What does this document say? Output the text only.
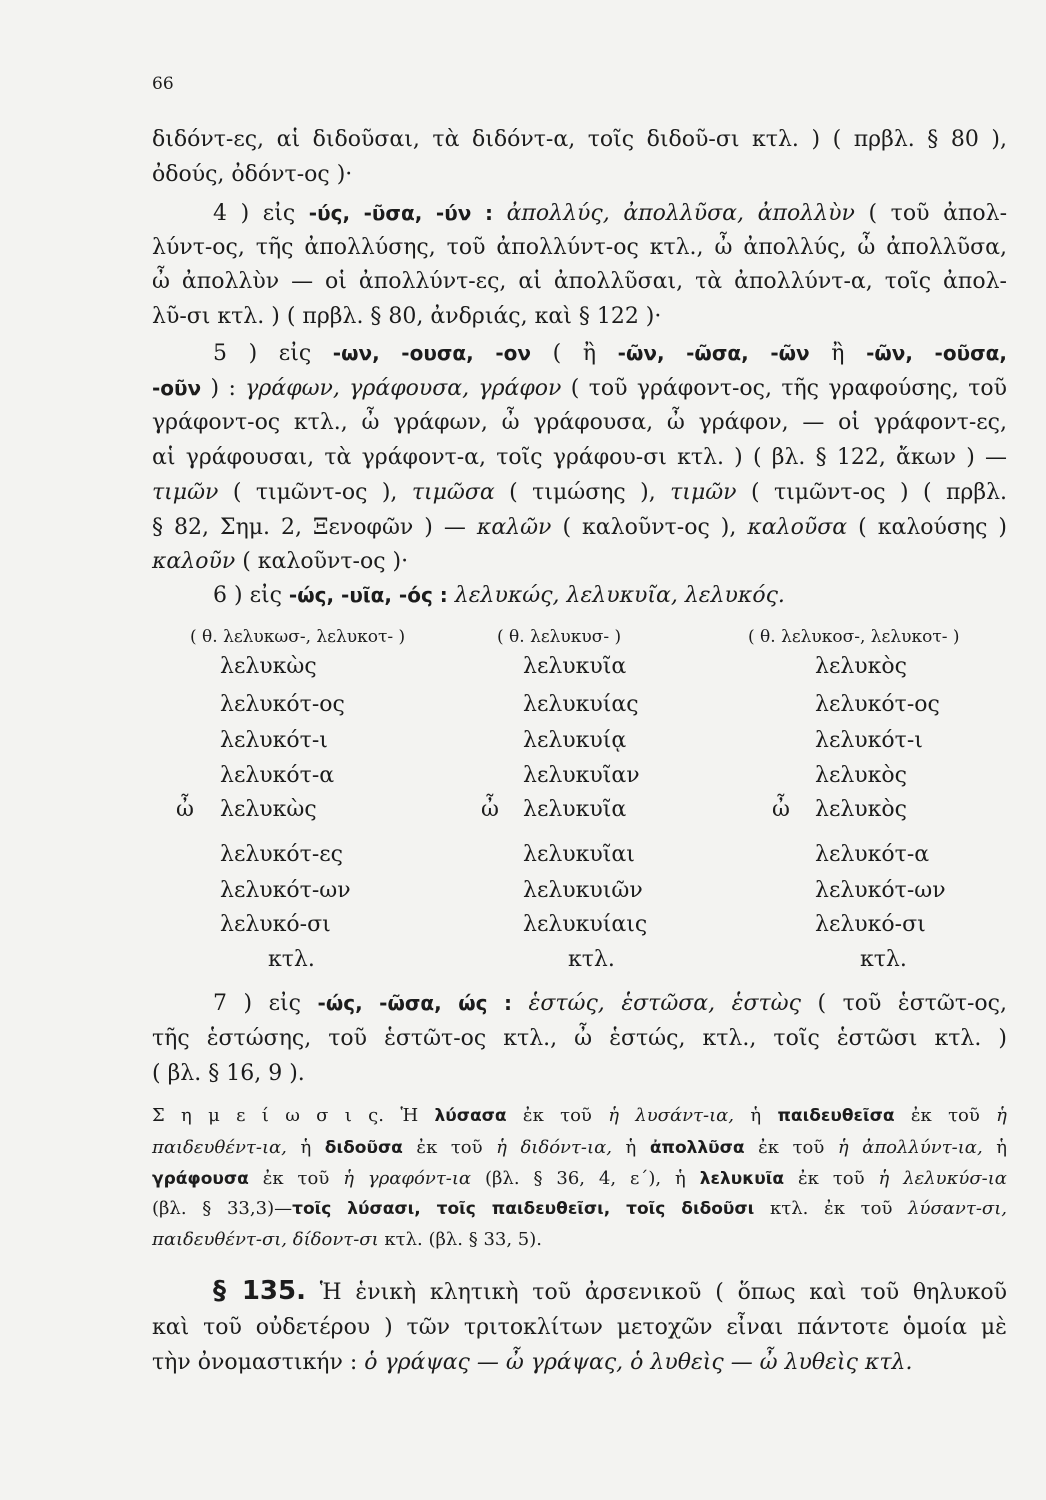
66
διδόντ-ες, αἱ διδοῦσαι, τὰ διδόντ-α, τοῖς διδοῦ-σι κτλ. ) ( πρβλ. § 80 ),
ὀδούς, ὀδόντ-ος )·
4 ) εἰς -ύς, -ῦσα, -ύν : ἀπολλύς, ἀπολλῦσα, ἀπολλὺν ( τοῦ ἀπολ-
λύντ-ος, τῆς ἀπολλύσης, τοῦ ἀπολλύντ-ος κτλ., ὦ ἀπολλύς, ὦ ἀπολλῦσα,
ὦ ἀπολλὺν — οἱ ἀπολλύντ-ες, αἱ ἀπολλῦσαι, τὰ ἀπολλύντ-α, τοῖς ἀπολ-
λῦ-σι κτλ. ) ( πρβλ. § 80, ἀνδριάς, καὶ § 122 )·
5 ) εἰς -ων, -ουσα, -ον ( ἢ -ῶν, -ῶσα, -ῶν ἢ -ῶν, -οῦσα,
-οῦν ) : γράφων, γράφουσα, γράφον ( τοῦ γράφοντ-ος, τῆς γραφούσης, τοῦ
γράφοντ-ος κτλ., ὦ γράφων, ὦ γράφουσα, ὦ γράφον, — οἱ γράφοντ-ες,
αἱ γράφουσαι, τὰ γράφοντ-α, τοῖς γράφου-σι κτλ. ) ( βλ. § 122, ἄκων ) —
τιμῶν ( τιμῶντ-ος ), τιμῶσα ( τιμώσης ), τιμῶν ( τιμῶντ-ος ) ( πρβλ.
§ 82, Σημ. 2, Ξενοφῶν ) — καλῶν ( καλοῦντ-ος ), καλοῦσα ( καλούσης )
καλοῦν ( καλοῦντ-ος )·
6 ) εἰς -ώς, -υῖα, -ός : λελυκώς, λελυκυῖα, λελυκός.
( θ. λελυκωσ-, λελυκοτ- )	( θ. λελυκυσ- )	( θ. λελυκοσ-, λελυκοτ- )
λελυκὼς
λελυκότ-ος
λελυκότ-ι
λελυκότ-α
ὦ λελυκὼς
λελυκότ-ες
λελυκότ-ων
λελυκό-σι
κτλ.
λελυκυῖα
λελυκυίας
λελυκυίᾳ
λελυκυῖαν
ὦ λελυκυῖα
λελυκυῖαι
λελυκυιῶν
λελυκυίαις
κτλ.
λελυκὸς
λελυκότ-ος
λελυκότ-ι
λελυκὸς
ὦ λελυκὸς
λελυκότ-α
λελυκότ-ων
λελυκό-σι
κτλ.
7 ) εἰς -ώς, -ῶσα, ώς : ἑστώς, ἑστῶσα, ἑστὼς ( τοῦ ἑστῶτ-ος,
τῆς ἑστώσης, τοῦ ἑστῶτ-ος κτλ., ὦ ἑστώς, κτλ., τοῖς ἑστῶσι κτλ. )
( βλ. § 16, 9 ).
Σ η μ ε ί ω σ ι ς. Ἡ λύσασα ἐκ τοῦ ἡ λυσάντ-ια, ἡ παιδευθεῖσα ἐκ τοῦ ἡ
παιδευθέντ-ια, ἡ διδοῦσα ἐκ τοῦ ἡ διδόντ-ια, ἡ ἀπολλῦσα ἐκ τοῦ ἡ ἀπολλύντ-ια, ἡ
γράφουσα ἐκ τοῦ ἡ γραφόντ-ια (βλ. § 36, 4, ε΄), ἡ λελυκυῖα ἐκ τοῦ ἡ λελυκύσ-ια
(βλ. § 33,3)—τοῖς λύσασι, τοῖς παιδευθεῖσι, τοῖς διδοῦσι κτλ. ἐκ τοῦ λύσαντ-σι,
παιδευθέντ-σι, δίδοντ-σι κτλ. (βλ. § 33, 5).
§ 135. Ἡ ἑνικὴ κλητικὴ τοῦ ἀρσενικοῦ ( ὅπως καὶ τοῦ θηλυκοῦ
καὶ τοῦ οὐδετέρου ) τῶν τριτοκλίτων μετοχῶν εἶναι πάντοτε ὁμοία μὲ
τὴν ὀνομαστικήν : ὁ γράψας — ὦ γράψας, ὁ λυθεὶς — ὦ λυθεὶς κτλ.
